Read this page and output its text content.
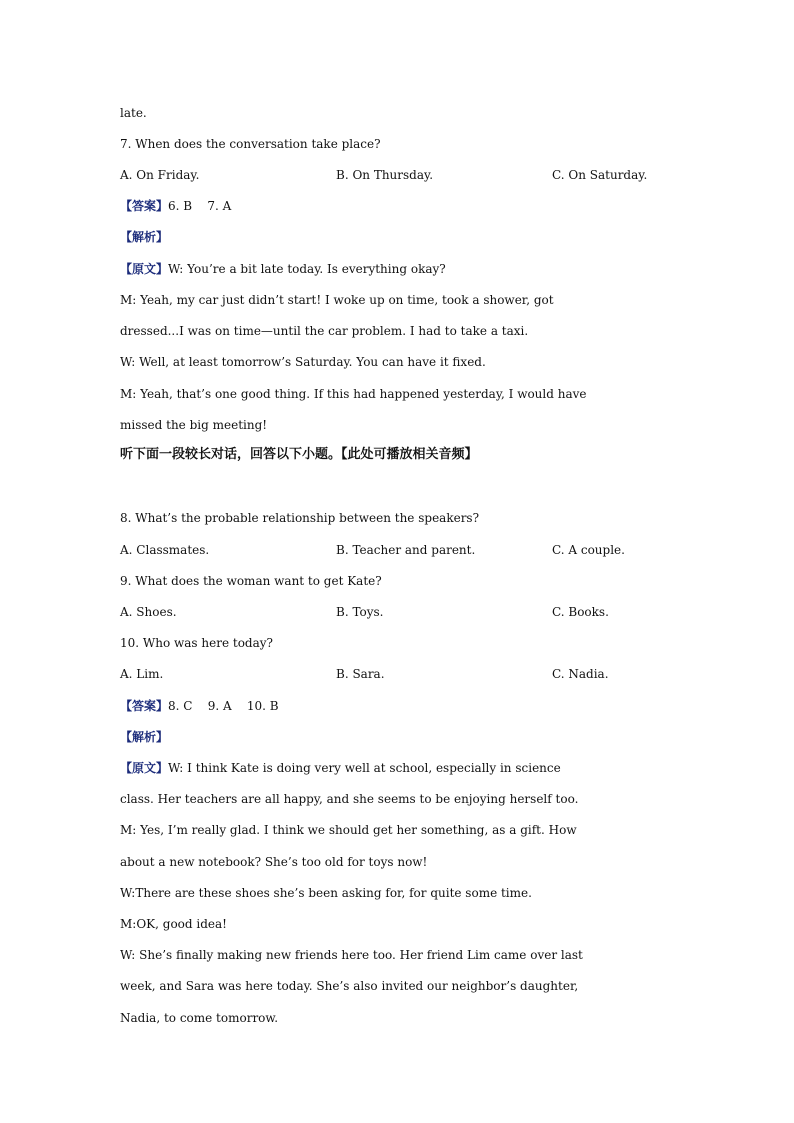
late.
7. When does the conversation take place?
A. On Friday.	B. On Thursday.	C. On Saturday.
【答案】6. B    7. A
【解析】
【原文】W: You’re a bit late today. Is everything okay?
M: Yeah, my car just didn’t start! I woke up on time, took a shower, got
dressed...I was on time—until the car problem. I had to take a taxi.
W: Well, at least tomorrow’s Saturday. You can have it fixed.
M: Yeah, that’s one good thing. If this had happened yesterday, I would have
missed the big meeting!
听下面一段较长对话，回答以下小题。【此处可播放相关音频】
8. What’s the probable relationship between the speakers?
A. Classmates.	B. Teacher and parent.	C. A couple.
9. What does the woman want to get Kate?
A. Shoes.	B. Toys.	C. Books.
10. Who was here today?
A. Lim.	B. Sara.	C. Nadia.
【答案】8. C    9. A    10. B
【解析】
【原文】W: I think Kate is doing very well at school, especially in science
class. Her teachers are all happy, and she seems to be enjoying herself too.
M: Yes, I’m really glad. I think we should get her something, as a gift. How
about a new notebook? She’s too old for toys now!
W:There are these shoes she’s been asking for, for quite some time.
M:OK, good idea!
W: She’s finally making new friends here too. Her friend Lim came over last
week, and Sara was here today. She’s also invited our neighbor’s daughter,
Nadia, to come tomorrow.
